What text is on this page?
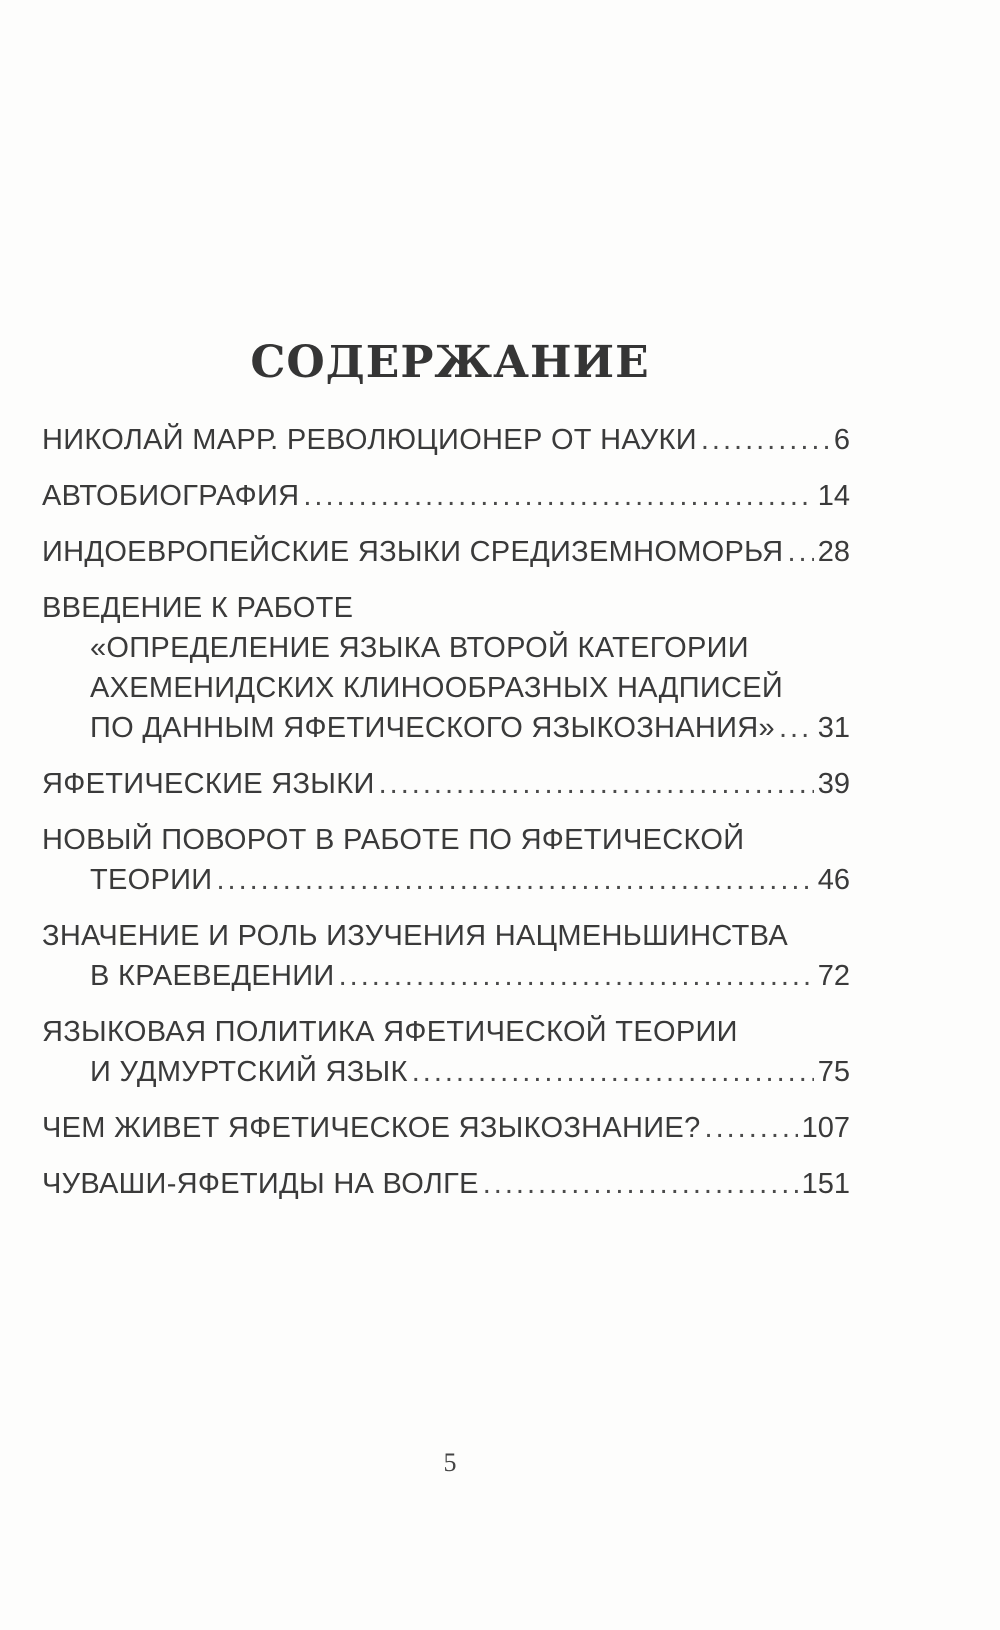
СОДЕРЖАНИЕ
НИКОЛАЙ МАРР. РЕВОЛЮЦИОНЕР ОТ НАУКИ .....	6
АВТОБИОГРАФИЯ .....	14
ИНДОЕВРОПЕЙСКИЕ ЯЗЫКИ СРЕДИЗЕМНОМОРЬЯ ..... 28
ВВЕДЕНИЕ К РАБОТЕ
«ОПРЕДЕЛЕНИЕ ЯЗЫКА ВТОРОЙ КАТЕГОРИИ
АХЕМЕНИДСКИХ КЛИНООБРАЗНЫХ НАДПИСЕЙ
ПО ДАННЫМ ЯФЕТИЧЕСКОГО ЯЗЫКОЗНАНИЯ» ..... 31
ЯФЕТИЧЕСКИЕ ЯЗЫКИ .....	39
НОВЫЙ ПОВОРОТ В РАБОТЕ ПО ЯФЕТИЧЕСКОЙ
ТЕОРИИ .....	46
ЗНАЧЕНИЕ И РОЛЬ ИЗУЧЕНИЯ НАЦМЕНЬШИНСТВА
В КРАЕВЕДЕНИИ .....	72
ЯЗЫКОВАЯ ПОЛИТИКА ЯФЕТИЧЕСКОЙ ТЕОРИИ
И УДМУРТСКИЙ ЯЗЫК .....	75
ЧЕМ ЖИВЕТ ЯФЕТИЧЕСКОЕ ЯЗЫКОЗНАНИЕ? .....	107
ЧУВАШИ-ЯФЕТИДЫ НА ВОЛГЕ .....	151
5
